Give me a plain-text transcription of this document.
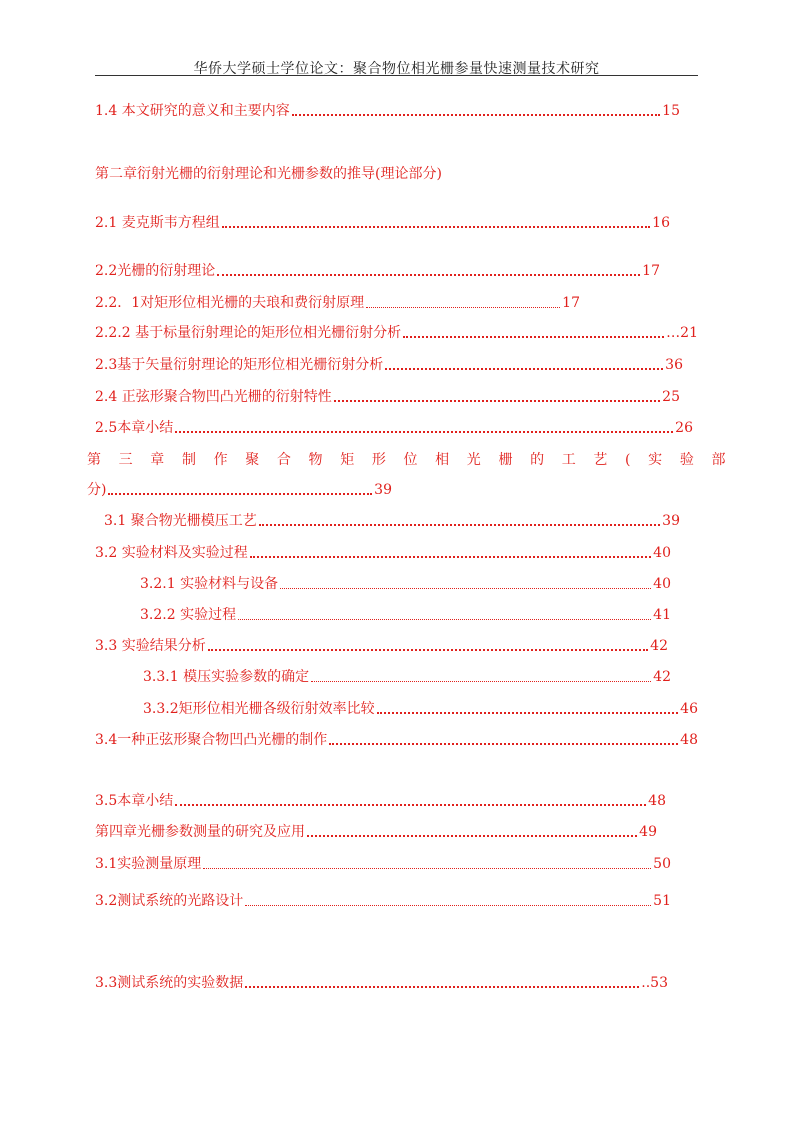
华侨大学硕士学位论文：聚合物位相光栅参量快速测量技术研究
1.4 本文研究的意义和主要内容	15
第二章衍射光栅的衍射理论和光栅参数的推导(理论部分)
2.1 麦克斯韦方程组	16
2.2光栅的衍射理论	17
2.2．1对矩形位相光栅的夫琅和费衍射原理	17
2.2.2 基于标量衍射理论的矩形位相光栅衍射分析	…21
2.3基于矢量衍射理论的矩形位相光栅衍射分析	36
2.4 正弦形聚合物凹凸光栅的衍射特性	25
2.5本章小结	26
第 三 章 制 作 聚 合 物 矩 形 位 相 光 栅 的 工 艺 ( 实 验 部
分)	39
3.1 聚合物光栅模压工艺	39
3.2 实验材料及实验过程	40
3.2.1 实验材料与设备	40
3.2.2 实验过程	41
3.3 实验结果分析	42
3.3.1 模压实验参数的确定	42
3.3.2矩形位相光栅各级衍射效率比较	46
3.4一种正弦形聚合物凹凸光栅的制作	48
3.5本章小结	48
第四章光栅参数测量的研究及应用	49
3.1实验测量原理	50
3.2测试系统的光路设计	51
3.3测试系统的实验数据	..53
